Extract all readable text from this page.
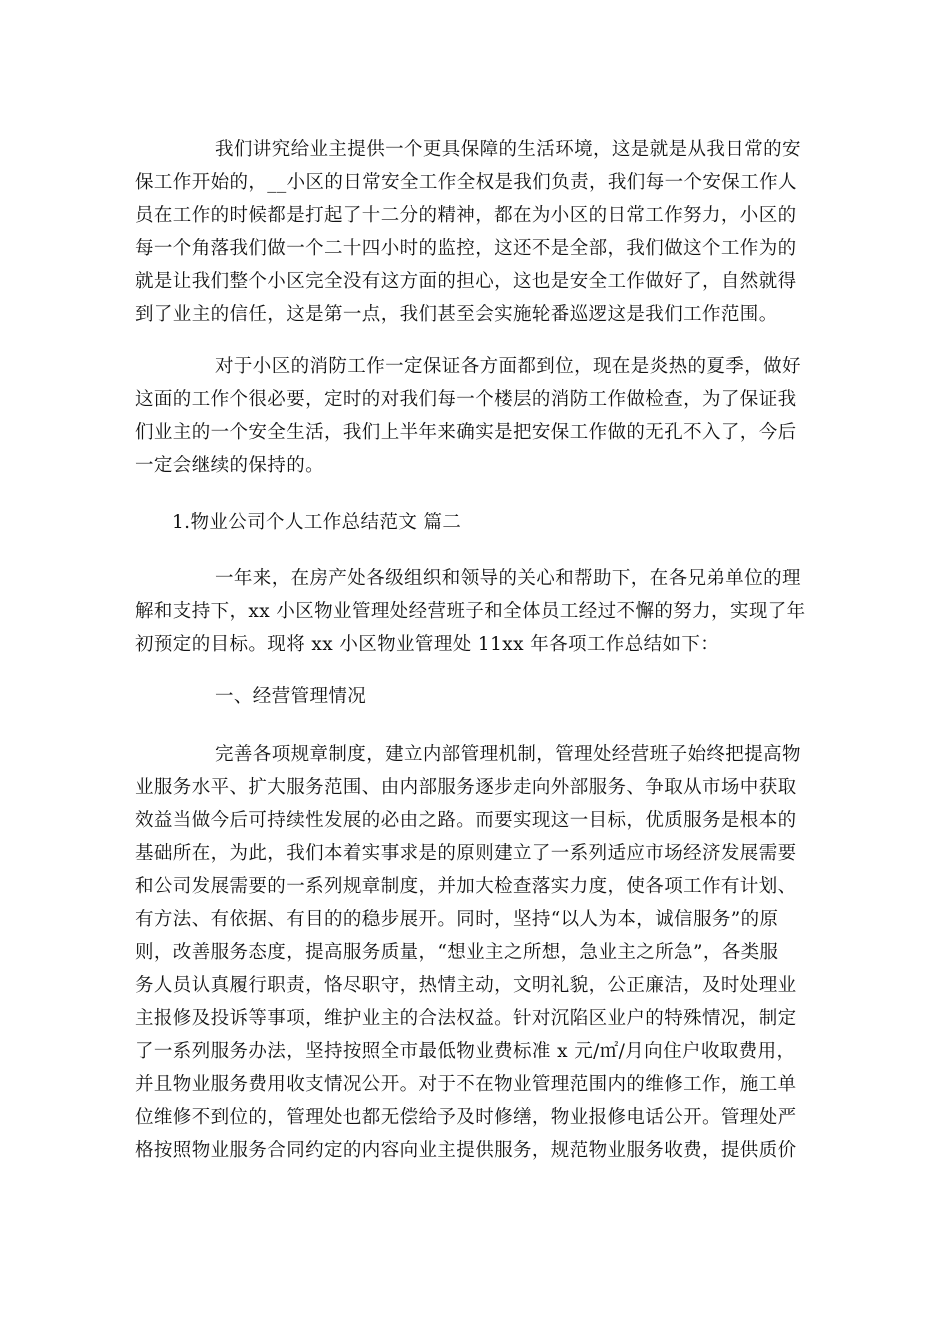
我们讲究给业主提供一个更具保障的生活环境，这是就是从我日常的安
保工作开始的，__小区的日常安全工作全权是我们负责，我们每一个安保工作人
员在工作的时候都是打起了十二分的精神，都在为小区的日常工作努力，小区的
每一个角落我们做一个二十四小时的监控，这还不是全部，我们做这个工作为的
就是让我们整个小区完全没有这方面的担心，这也是安全工作做好了，自然就得
到了业主的信任，这是第一点，我们甚至会实施轮番巡逻这是我们工作范围。
对于小区的消防工作一定保证各方面都到位，现在是炎热的夏季，做好
这面的工作个很必要，定时的对我们每一个楼层的消防工作做检查，为了保证我
们业主的一个安全生活，我们上半年来确实是把安保工作做的无孔不入了，今后
一定会继续的保持的。
1.物业公司个人工作总结范文 篇二
一年来，在房产处各级组织和领导的关心和帮助下，在各兄弟单位的理
解和支持下，xx 小区物业管理处经营班子和全体员工经过不懈的努力，实现了年
初预定的目标。现将 xx 小区物业管理处 11xx 年各项工作总结如下：
一、经营管理情况
完善各项规章制度，建立内部管理机制，管理处经营班子始终把提高物
业服务水平、扩大服务范围、由内部服务逐步走向外部服务、争取从市场中获取
效益当做今后可持续性发展的必由之路。而要实现这一目标，优质服务是根本的
基础所在，为此，我们本着实事求是的原则建立了一系列适应市场经济发展需要
和公司发展需要的一系列规章制度，并加大检查落实力度，使各项工作有计划、
有方法、有依据、有目的的稳步展开。同时，坚持“以人为本，诚信服务”的原
则，改善服务态度，提高服务质量，“想业主之所想，急业主之所急”，各类服
务人员认真履行职责，恪尽职守，热情主动，文明礼貌，公正廉洁，及时处理业
主报修及投诉等事项，维护业主的合法权益。针对沉陷区业户的特殊情况，制定
了一系列服务办法，坚持按照全市最低物业费标准 x 元/㎡/月向住户收取费用，
并且物业服务费用收支情况公开。对于不在物业管理范围内的维修工作，施工单
位维修不到位的，管理处也都无偿给予及时修缮，物业报修电话公开。管理处严
格按照物业服务合同约定的内容向业主提供服务，规范物业服务收费，提供质价
